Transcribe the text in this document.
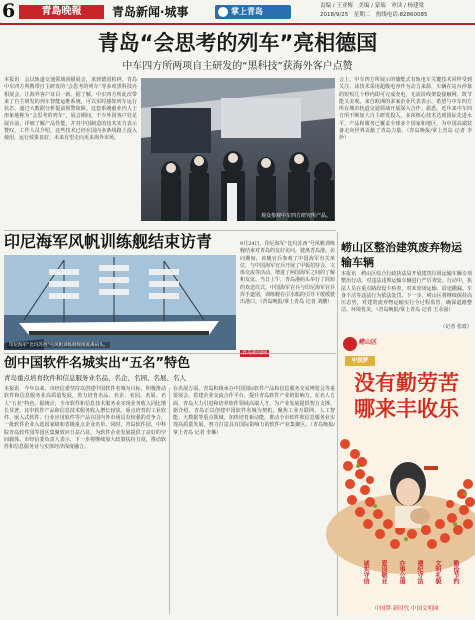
6	青島晚報	青岛新闻·城事	掌上青岛
责编 / 王亚梅　美编 / 蒙瑞　审读 / 杨建梁
2018/9/25　星期二　热线电话:82860085
青岛“会思考的列车”亮相德国
中车四方所两项自主研发的“黑科技”获海外客户点赞
本报讯　会以轨道交通领域顶级展会，来到德国柏林。青岛中车四方所携带自主研发的“会思考的列车”等多项黑科技亮相展会，让海外客户耳目一新。据了解，中车四方所此次带来了自主研发的列车智能运维系统，可以实时感知列车运行状态，通过大数据分析提前预警故障。这套系统被业内人士形象地称为“会思考的列车”。展会期间，不少外国客户驻足展台前，详细了解产品性能，并对中国制造的技术实力表示赞叹。工作人员介绍，这些技术已经在国内多条线路上投入使用，运行效果良好，未来有望走向更多海外市场。
观众参观中车四方研究所产品。
会上，中车四方所展示的储能式有轨电车关键技术同样受到关注。该技术采用超级电容作为动力来源，车辆在站台停靠的短短几十秒内即可完成充电，无需沿线架设接触网，既节能又美观。来自欧洲的多家企业代表表示，希望与中车四方所在城市轨道交通领域开展深入合作。据悉，近年来中车四方所不断加大自主研发投入，多项核心技术达到国际先进水平，产品和服务已覆盖全球多个国家和地区，为中国高端装备走向世界贡献了青岛力量。（青岛晚报/掌上青岛 记者 李珍）
印尼海军风帆训练舰结束访青
印尼海军“比玛苏西”号风帆训练舰缓缓驶离码头。
9月24日，印尼海军“比玛苏西”号风帆训练舰结束对青岛的友好访问，驶离青岛港。访问期间，该舰官兵参观了中国海军有关单位，与中国海军官兵开展了甲板招待会、文体交流等活动，增进了两国海军之间的了解和友谊。当日上午，青岛港码头举行了简短的欢送仪式，中国海军官兵与印尼海军官兵挥手道别，训练舰在引水船的引导下缓缓驶出港口。（青岛晚报/掌上青岛 记者 刘鹏）
创中国软件名城实出“五名”特色
青岛重点培育软件和信息服务业名品、名企、名园、名展、名人
本报讯　今年以来，市经信委坚持以创建中国软件名城为目标，积极推动软件和信息服务业高质量发展，着力培育名品、名企、名园、名展、名人“五名”特色。据统计，全市软件和信息技术服务业实现业务收入同比增长显著，其中软件产品和信息技术服务收入增长较快。重点培育的工业软件、嵌入式软件、行业应用软件等产品在国内外市场具有较强的竞争力，一批软件企业入选国家级和省级重点企业名单。同时，青岛软件园、中科院青岛软件园等园区集聚效应日益凸显，为软件企业发展提供了良好的空间载体。市经信委负责人表示，下一步将继续加大政策扶持力度，推动软件和信息服务业与实体经济深度融合。
在名展方面，青岛积极承办中国国际软件产品和信息服务交易博览会等重要展会，搭建企业交流合作平台，提升青岛软件产业的影响力。在名人方面，青岛大力引进和培养软件领域高端人才，为产业发展提供智力支撑。据介绍，青岛正以创建中国软件名城为契机，聚焦工业互联网、人工智能、大数据等重点领域，加快培育新动能，推动全市软件和信息服务业实现高质量发展，努力打造具有国际影响力的软件产业集聚区。（青岛晚报/掌上青岛 记者 李琳）
崂山区整治建筑废弃物运输车辆
本报讯　崂山区综合行政执法局开展建筑垃圾运输车辆专项整治行动，对违法违规运输车辆进行严厉查处。行动中，执法人员在重点路段设卡检查，对未密闭运输、沿途撒漏、车身不洁等违法行为依法处罚。下一步，崂山区将继续保持高压态势，对建筑废弃物运输实行全过程监管，确保道路整洁、环境优美。（青岛晚报/掌上青岛 记者 王永强）
（记者 张政）
崂山区
中国梦
没有勤劳苦
哪来丰收乐
诚实守信	爱岗敬业	办事公道	遵纪守法	文明礼貌	勤俭节约
中国梦·新时代 中国文明网
